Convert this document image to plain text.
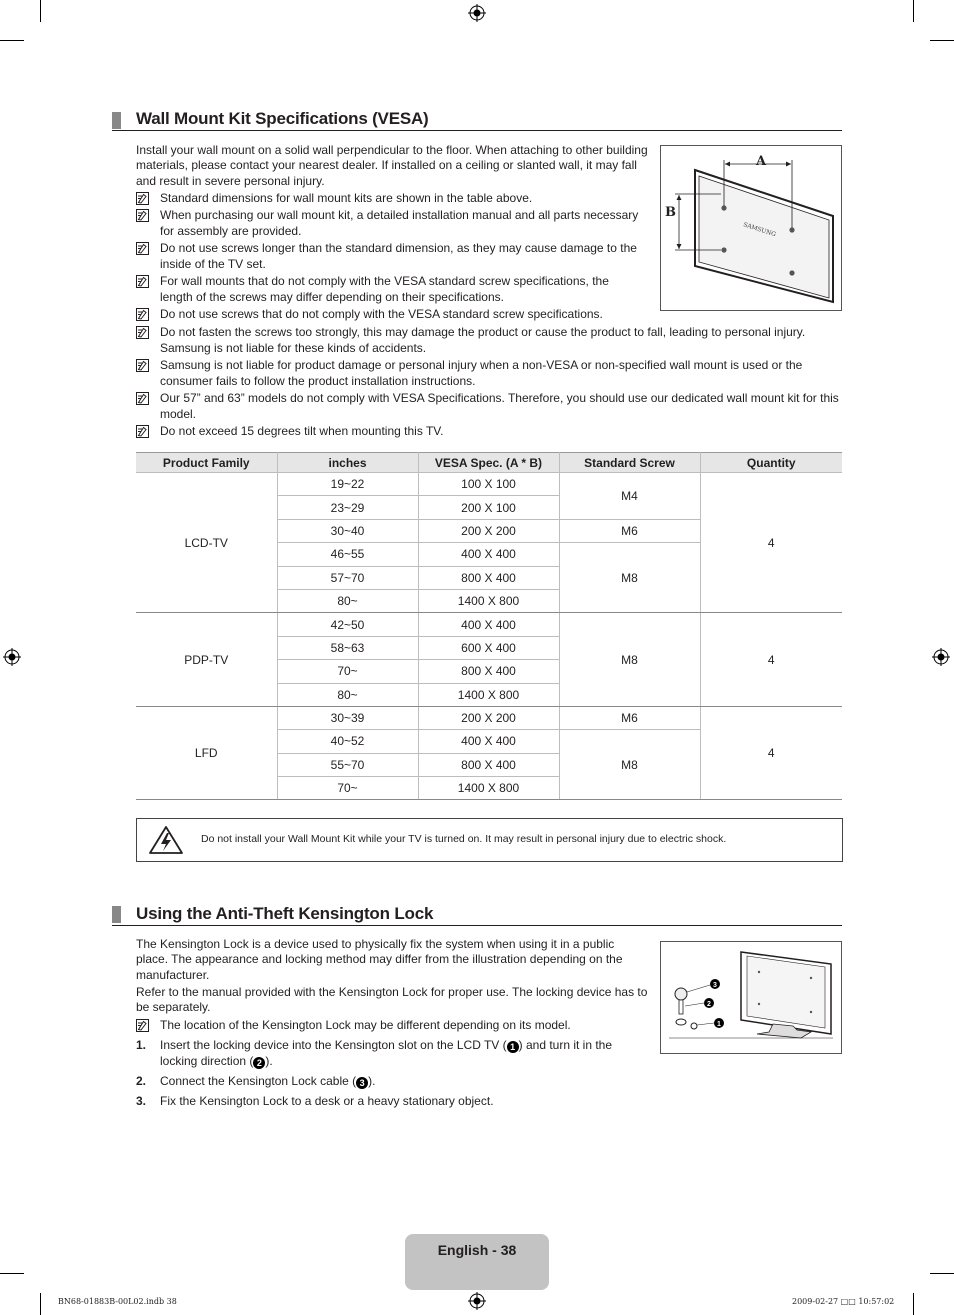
Wall Mount Kit Specifications (VESA)

Install your wall mount on a solid wall perpendicular to the floor. When attaching to other building materials, please contact your nearest dealer. If installed on a ceiling or slanted wall, it may fall and result in severe personal injury.

Standard dimensions for wall mount kits are shown in the table above.
When purchasing our wall mount kit, a detailed installation manual and all parts necessary for assembly are provided.
Do not use screws longer than the standard dimension, as they may cause damage to the inside of the TV set.
For wall mounts that do not comply with the VESA standard screw specifications, the length of the screws may differ depending on their specifications.
Do not use screws that do not comply with the VESA standard screw specifications.
Do not fasten the screws too strongly, this may damage the product or cause the product to fall, leading to personal injury. Samsung is not liable for these kinds of accidents.
Samsung is not liable for product damage or personal injury when a non-VESA or non-specified wall mount is used or the consumer fails to follow the product installation instructions.
Our 57” and 63” models do not comply with VESA Specifications. Therefore, you should use our dedicated wall mount kit for this model.
Do not exceed 15 degrees tilt when mounting this TV.
SAMSUNG
A
B
Product Family	inches	VESA Spec. (A * B)	Standard Screw	Quantity
LCD-TV	19~22	100 X 100	M4	4
	23~29	200 X 100		
	30~40	200 X 200	M6	
	46~55	400 X 400	M8	
	57~70	800 X 400		
	80~	1400 X 800		
PDP-TV	42~50	400 X 400	M8	4
	58~63	600 X 400		
	70~	800 X 400		
	80~	1400 X 800		
LFD	30~39	200 X 200	M6	4
	40~52	400 X 400	M8	
	55~70	800 X 400		
	70~	1400 X 800		
Do not install your Wall Mount Kit while your TV is turned on. It may result in personal injury due to electric shock.
Using the Anti-Theft Kensington Lock

The Kensington Lock is a device used to physically fix the system when using it in a public place. The appearance and locking method may differ from the illustration depending on the manufacturer.

Refer to the manual provided with the Kensington Lock for proper use. The locking device has to be separately.

The location of the Kensington Lock may be different depending on its model.
1. Insert the locking device into the Kensington slot on the LCD TV ( 1 ) and turn it in the locking direction ( 2 ).
2. Connect the Kensington Lock cable ( 3 ).
3. Fix the Kensington Lock to a desk or a heavy stationary object.
3
2
1
English - 38
BN68-01883B-00L02.indb 38	2009-02-27 □□ 10:57:02
